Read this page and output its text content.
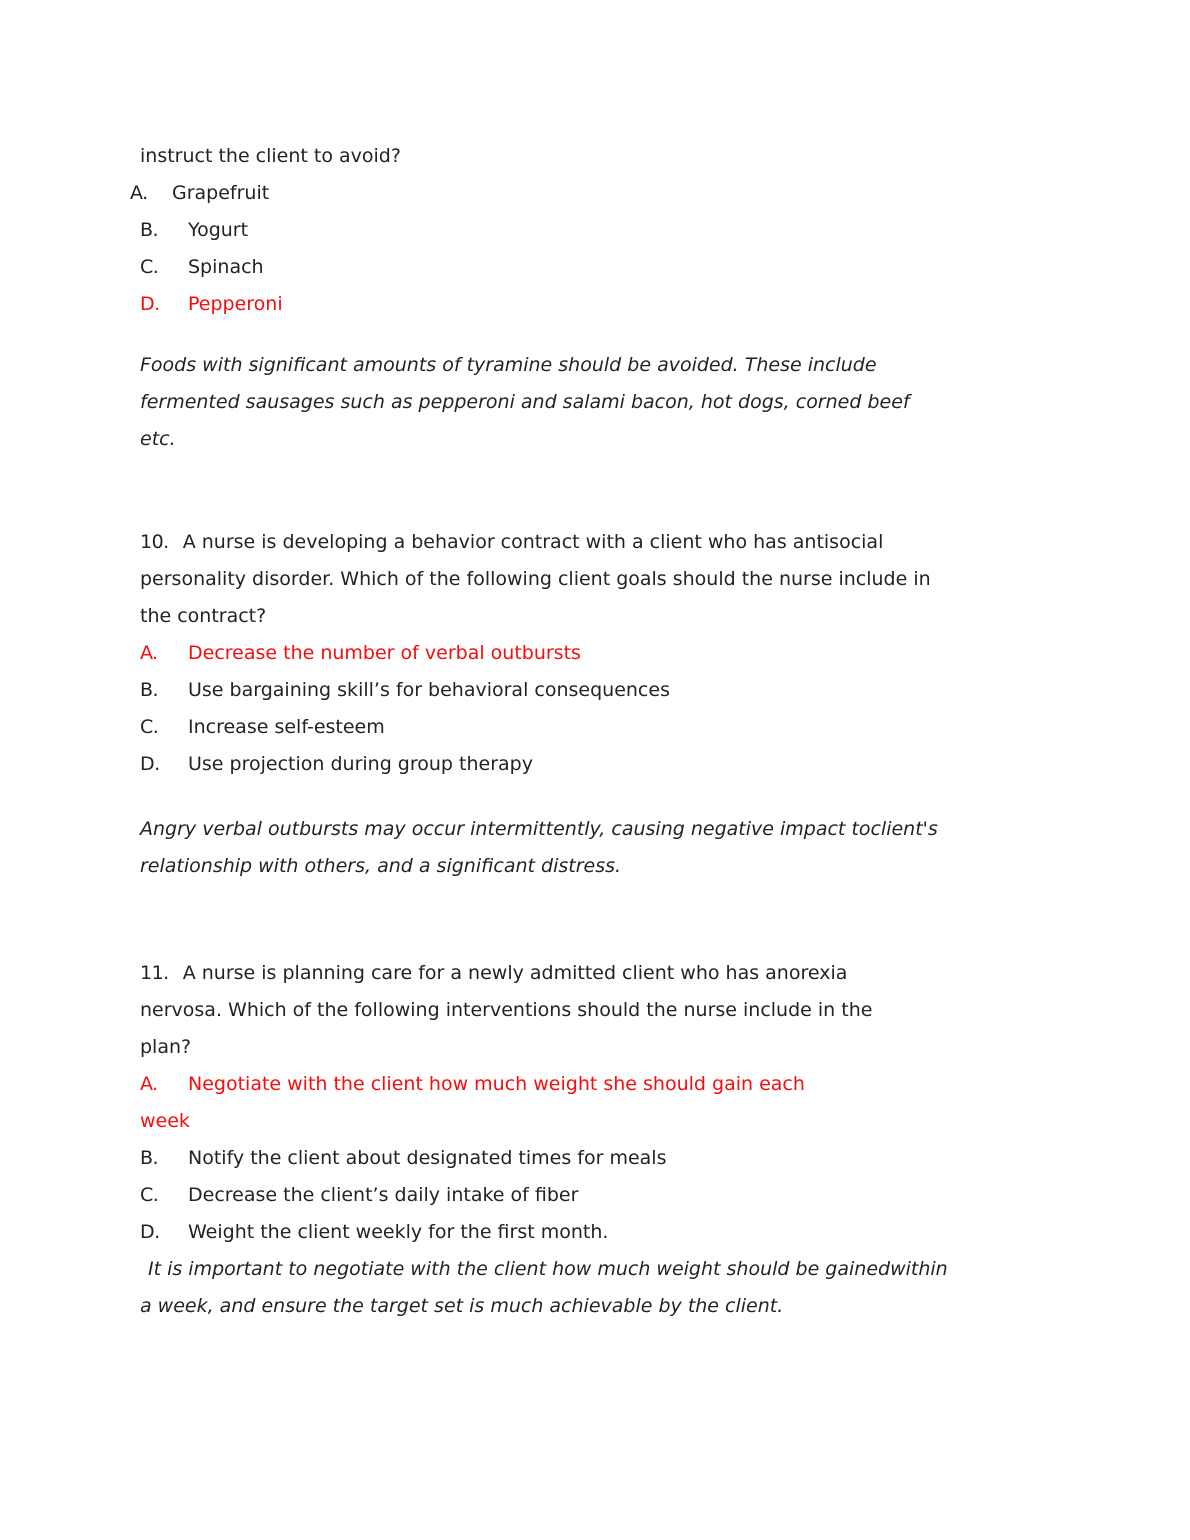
instruct the client to avoid?
A. Grapefruit
B. Yogurt
C. Spinach
D. Pepperoni
Foods with significant amounts of tyramine should be avoided. These include
fermented sausages such as pepperoni and salami bacon, hot dogs, corned beef
etc.
10. A nurse is developing a behavior contract with a client who has antisocial
personality disorder. Which of the following client goals should the nurse include in
the contract?
A. Decrease the number of verbal outbursts
B. Use bargaining skill’s for behavioral consequences
C. Increase self-esteem
D. Use projection during group therapy
Angry verbal outbursts may occur intermittently, causing negative impact toclient's
relationship with others, and a significant distress.
11. A nurse is planning care for a newly admitted client who has anorexia
nervosa. Which of the following interventions should the nurse include in the
plan?
A. Negotiate with the client how much weight she should gain each
week
B. Notify the client about designated times for meals
C. Decrease the client’s daily intake of fiber
D. Weight the client weekly for the first month.
It is important to negotiate with the client how much weight should be gainedwithin
a week, and ensure the target set is much achievable by the client.
